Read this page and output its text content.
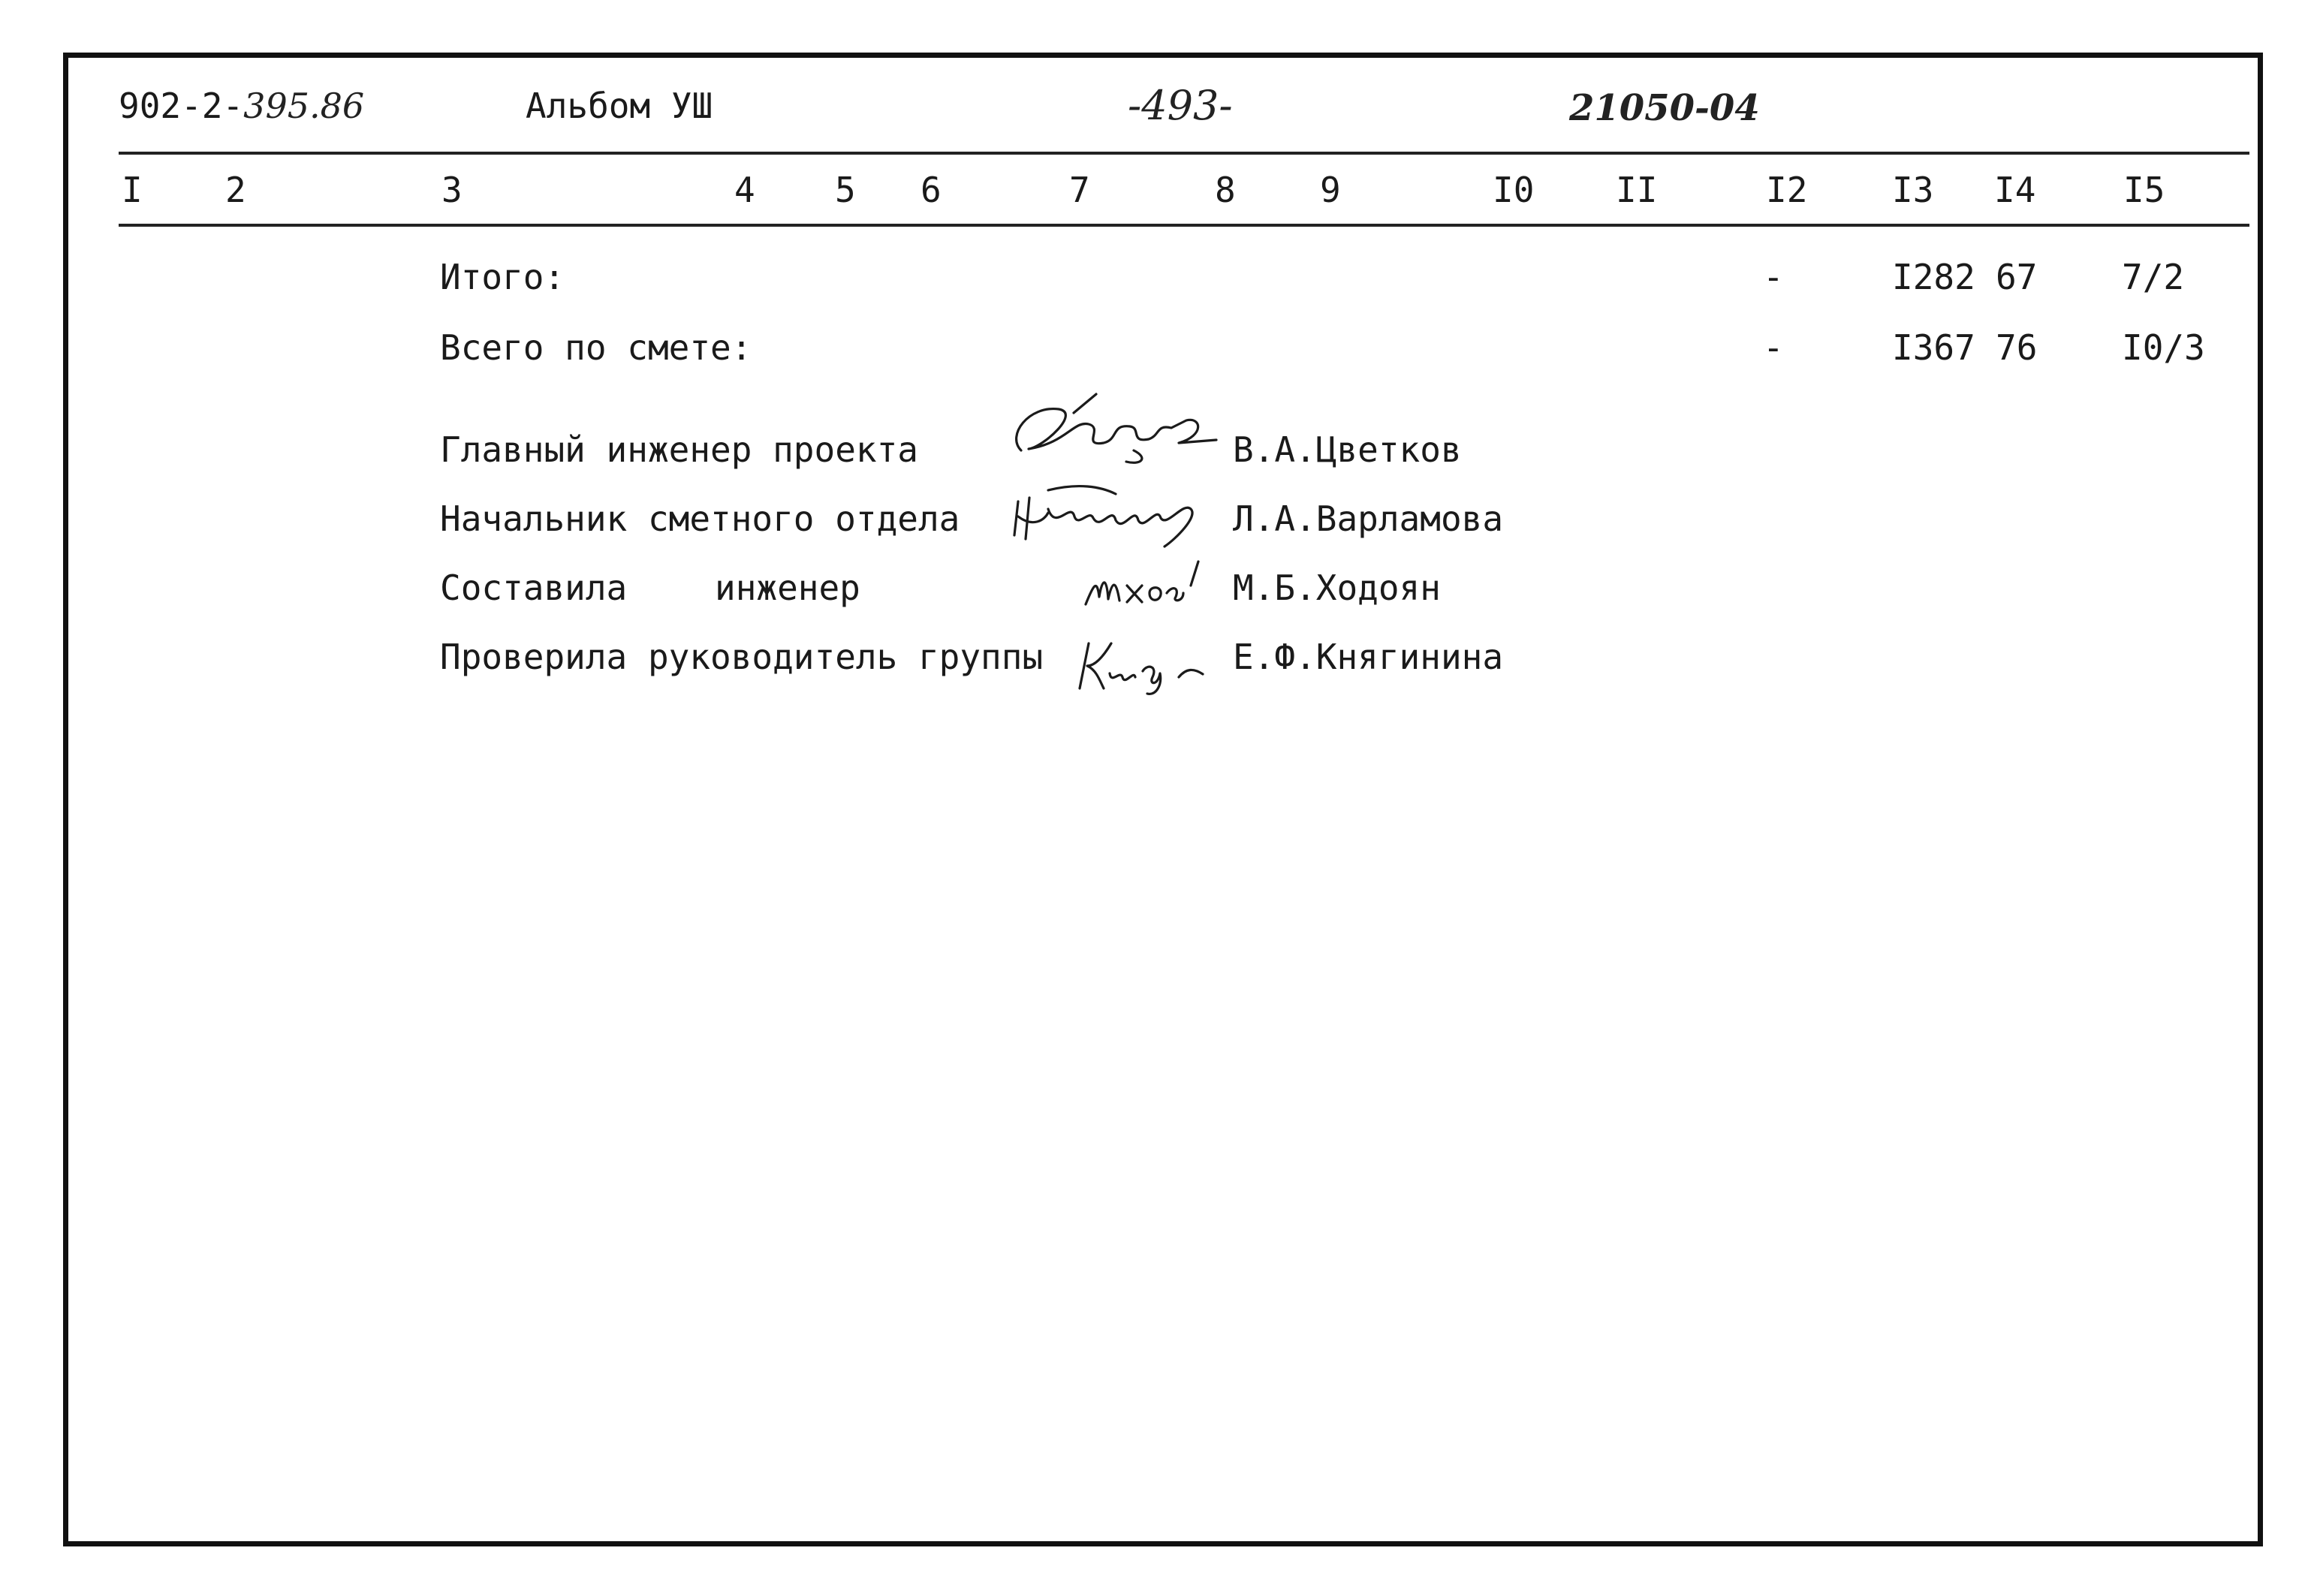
902-2-395.86	Альбом УШ	-493-	21050-04
I 2	3	4 5 6	7	8 9	I0 II	I2 I3 I4	I5
Итого:	-	I282 67 7/2
Всего по смете:	-	I367 76 I0/3
Главный инженер проекта	В.А.Цветков
Начальник сметного отдела	Л.А.Варламова
Составила	инженер	М.Б.Ходоян
Проверила руководитель группы	Е.Ф.Княгинина
